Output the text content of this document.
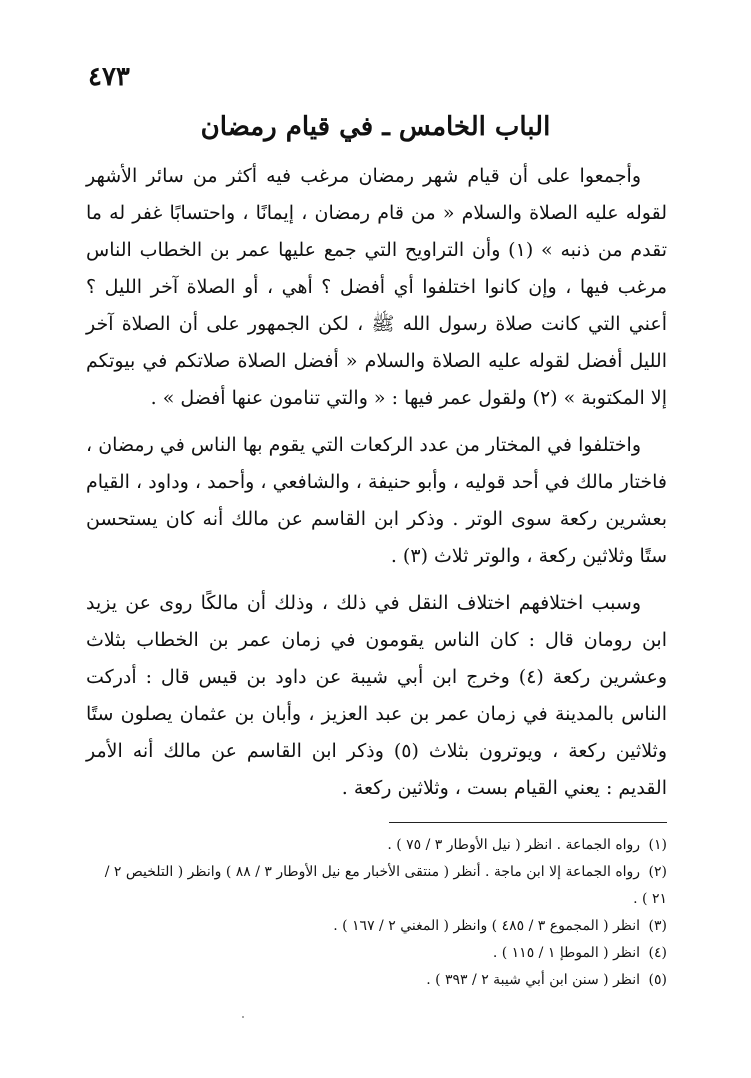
٤٧٣
الباب الخامس ـ في قيام رمضان

وأجمعوا على أن قيام شهر رمضان مرغب فيه أكثر من سائر الأشهر لقوله عليه الصلاة والسلام « من قام رمضان ، إيمانًا ، واحتسابًا غفر له ما تقدم من ذنبه » (١) وأن التراويح التي جمع عليها عمر بن الخطاب الناس مرغب فيها ، وإن كانوا اختلفوا أي أفضل ؟ أهي ، أو الصلاة آخر الليل ؟ أعني التي كانت صلاة رسول الله ﷺ ، لكن الجمهور على أن الصلاة آخر الليل أفضل لقوله عليه الصلاة والسلام « أفضل الصلاة صلاتكم في بيوتكم إلا المكتوبة » (٢) ولقول عمر فيها : « والتي تنامون عنها أفضل » .

واختلفوا في المختار من عدد الركعات التي يقوم بها الناس في رمضان ، فاختار مالك في أحد قوليه ، وأبو حنيفة ، والشافعي ، وأحمد ، وداود ، القيام بعشرين ركعة سوى الوتر . وذكر ابن القاسم عن مالك أنه كان يستحسن ستًا وثلاثين ركعة ، والوتر ثلاث (٣) .

وسبب اختلافهم اختلاف النقل في ذلك ، وذلك أن مالكًا روى عن يزيد ابن رومان قال : كان الناس يقومون في زمان عمر بن الخطاب بثلاث وعشرين ركعة (٤) وخرج ابن أبي شيبة عن داود بن قيس قال : أدركت الناس بالمدينة في زمان عمر بن عبد العزيز ، وأبان بن عثمان يصلون ستًا وثلاثين ركعة ، ويوترون بثلاث (٥) وذكر ابن القاسم عن مالك أنه الأمر القديم : يعني القيام بست ، وثلاثين ركعة .

(١) رواه الجماعة . انظر ( نيل الأوطار ٣ / ٧٥ ) .

(٢) رواه الجماعة إلا ابن ماجة . أنظر ( منتقى الأخبار مع نيل الأوطار ٣ / ٨٨ ) وانظر ( التلخيص ٢ / ٢١ ) .

(٣) انظر ( المجموع ٣ / ٤٨٥ ) وانظر ( المغني ٢ / ١٦٧ ) .

(٤) انظر ( الموطإ ١ / ١١٥ ) .

(٥) انظر ( سنن ابن أبي شيبة ٢ / ٣٩٣ ) .
